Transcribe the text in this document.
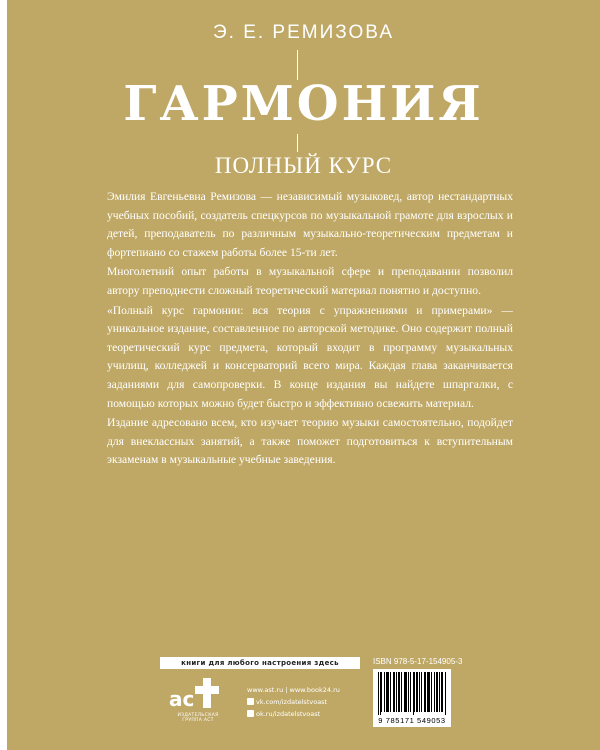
Э. Е. РЕМИЗОВА
ГАРМОНИЯ
ПОЛНЫЙ КУРС

Эмилия Евгеньевна Ремизова — независимый музыковед, автор нестандартных учебных пособий, создатель спецкурсов по музыкальной грамоте для взрослых и детей, преподаватель по различным музыкально-теоретическим предметам и фортепиано со стажем работы более 15-ти лет.

Многолетний опыт работы в музыкальной сфере и преподавании позволил автору преподнести сложный теоретический материал понятно и доступно.

«Полный курс гармонии: вся теория с упражнениями и примерами» — уникальное издание, составленное по авторской методике. Оно содержит полный теоретический курс предмета, который входит в программу музыкальных училищ, колледжей и консерваторий всего мира. Каждая глава заканчивается заданиями для самопроверки. В конце издания вы найдете шпаргалки, с помощью которых можно будет быстро и эффективно освежить материал.

Издание адресовано всем, кто изучает теорию музыки самостоятельно, подойдет для внеклассных занятий, а также поможет подготовиться к вступительным экзаменам в музыкальные учебные заведения.

книги для любого настроения здесь
ас
ИЗДАТЕЛЬСКАЯ ГРУППА АСТ
www.ast.ru | www.book24.ru
vk.com/izdatelstvoast
ok.ru/izdatelstvoast
ISBN 978-5-17-154905-3
9 785171 549053
